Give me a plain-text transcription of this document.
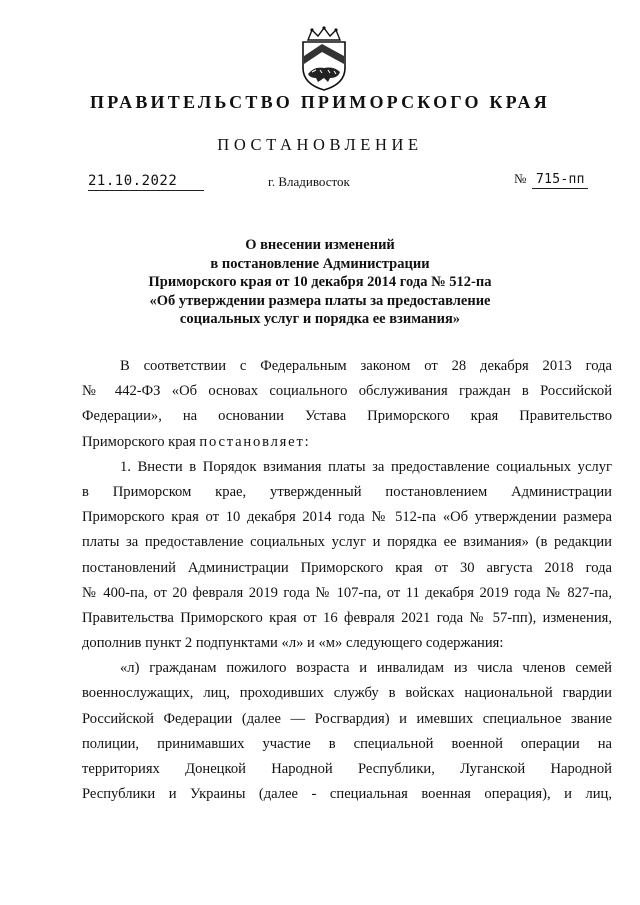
ПРАВИТЕЛЬСТВО ПРИМОРСКОГО КРАЯ
ПОСТАНОВЛЕНИЕ
21.10.2022	г. Владивосток	№ 715-пп
О внесении изменений
в постановление Администрации
Приморского края от 10 декабря 2014 года № 512-па
«Об утверждении размера платы за предоставление
социальных услуг и порядка ее взимания»
В соответствии с Федеральным законом от 28 декабря 2013 года
№ 442-ФЗ «Об основах социального обслуживания граждан в Российской
Федерации», на основании Устава Приморского края Правительство
Приморского края постановляет:
1. Внести в Порядок взимания платы за предоставление социальных услуг
в Приморском крае, утвержденный постановлением Администрации
Приморского края от 10 декабря 2014 года № 512-па «Об утверждении размера
платы за предоставление социальных услуг и порядка ее взимания» (в редакции
постановлений Администрации Приморского края от 30 августа 2018 года
№ 400-па, от 20 февраля 2019 года № 107-па, от 11 декабря 2019 года № 827-па,
Правительства Приморского края от 16 февраля 2021 года № 57-пп), изменения,
дополнив пункт 2 подпунктами «л» и «м» следующего содержания:
«л) гражданам пожилого возраста и инвалидам из числа членов семей
военнослужащих, лиц, проходивших службу в войсках национальной гвардии
Российской Федерации (далее — Росгвардия) и имевших специальное звание
полиции, принимавших участие в специальной военной операции на
территориях Донецкой Народной Республики, Луганской Народной
Республики и Украины (далее - специальная военная операция), и лиц,
